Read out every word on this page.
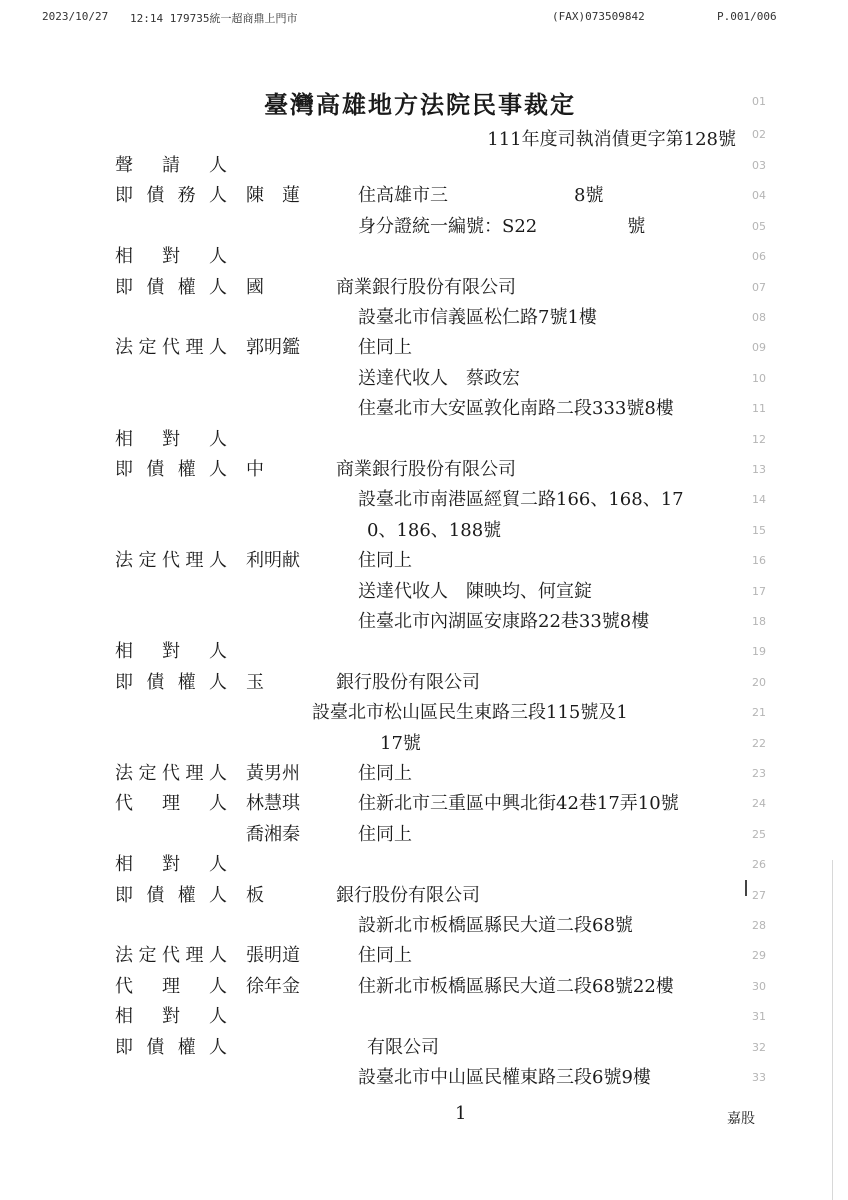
2023/10/27 12:14 179735統一超商鼎上門市	(FAX)073509842	P.001/006
臺灣高雄地方法院民事裁定	01
111年度司執消債更字第128號 02
聲　請　人	03
即債務人 陳　蓮	住高雄市三　　　　　　　8號	04
身分證統一編號：S22　　　　　號	05
相對人	06
即債權人 國　　　　商業銀行股份有限公司	07
設臺北市信義區松仁路7號1樓	08
法定代理人 郭明鑑	住同上	09
送達代收人　蔡政宏	10
住臺北市大安區敦化南路二段333號8樓	11
相對人	12
即債權人 中　　　　商業銀行股份有限公司	13
設臺北市南港區經貿二路166、168、17	14
0、186、188號	15
法定代理人 利明献	住同上	16
送達代收人　陳映均、何宣錠	17
住臺北市內湖區安康路22巷33號8樓	18
相對人	19
即債權人 玉　　　　銀行股份有限公司	20
設臺北市松山區民生東路三段115號及1	21
17號	22
法定代理人 黃男州	住同上	23
代理人 林慧琪	住新北市三重區中興北街42巷17弄10號	24
喬湘秦	住同上	25
相對人	26
即債權人 板　　　　銀行股份有限公司	27
設新北市板橋區縣民大道二段68號	28
法定代理人 張明道	住同上	29
代理人 徐年金	住新北市板橋區縣民大道二段68號22樓	30
相對人	31
即債權人	有限公司	32
設臺北市中山區民權東路三段6號9樓	33
1	嘉股
